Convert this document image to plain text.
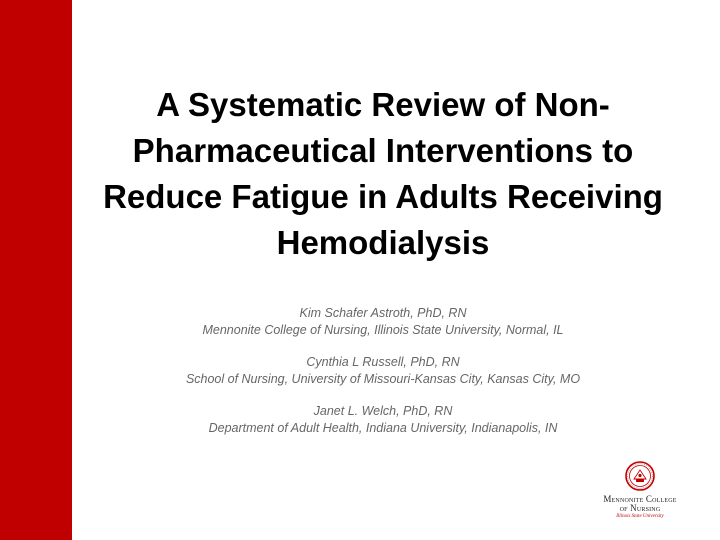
A Systematic Review of Non-Pharmaceutical Interventions to Reduce Fatigue in Adults Receiving Hemodialysis
Kim Schafer Astroth, PhD, RN
Mennonite College of Nursing, Illinois State University, Normal, IL
Cynthia L Russell, PhD, RN
School of Nursing, University of Missouri-Kansas City, Kansas City, MO
Janet L. Welch, PhD, RN
Department of Adult Health, Indiana University, Indianapolis, IN
Mennonite College
of Nursing
Illinois State University
